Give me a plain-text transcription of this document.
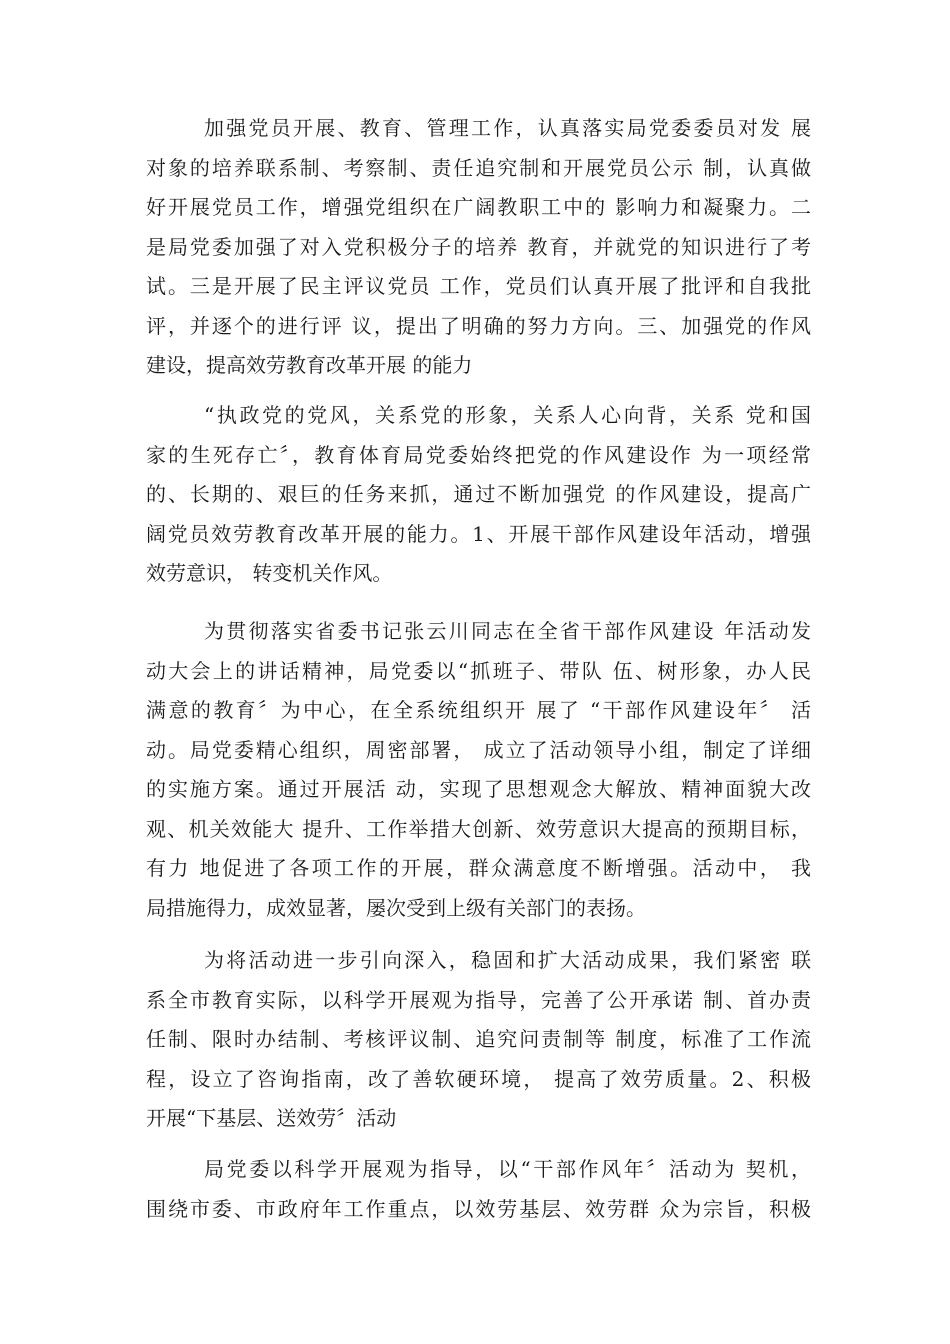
加强党员开展、教育、管理工作，认真落实局党委委员对发 展
对象的培养联系制、考察制、责任追究制和开展党员公示 制，认真做
好开展党员工作，增强党组织在广阔教职工中的 影响力和凝聚力。二
是局党委加强了对入党积极分子的培养 教育，并就党的知识进行了考
试。三是开展了民主评议党员 工作，党员们认真开展了批评和自我批
评，并逐个的进行评 议，提出了明确的努力方向。三、加强党的作风
建设，提高效劳教育改革开展 的能力
“执政党的党风，关系党的形象，关系人心向背，关系 党和国
家的生死存亡〞，教育体育局党委始终把党的作风建设作 为一项经常
的、长期的、艰巨的任务来抓，通过不断加强党 的作风建设，提高广
阔党员效劳教育改革开展的能力。1、开展干部作风建设年活动，增强
效劳意识， 转变机关作风。
为贯彻落实省委书记张云川同志在全省干部作风建设 年活动发
动大会上的讲话精神，局党委以“抓班子、带队 伍、树形象，办人民
满意的教育〞为中心，在全系统组织开 展了 “干部作风建设年〞 活
动。局党委精心组织，周密部署， 成立了活动领导小组，制定了详细
的实施方案。通过开展活 动，实现了思想观念大解放、精神面貌大改
观、机关效能大 提升、工作举措大创新、效劳意识大提高的预期目标，
有力 地促进了各项工作的开展，群众满意度不断增强。活动中， 我
局措施得力，成效显著，屡次受到上级有关部门的表扬。
为将活动进一步引向深入，稳固和扩大活动成果，我们紧密 联
系全市教育实际，以科学开展观为指导，完善了公开承诺 制、首办责
任制、限时办结制、考核评议制、追究问责制等 制度，标准了工作流
程，设立了咨询指南，改了善软硬环境， 提高了效劳质量。2、积极
开展“下基层、送效劳〞活动
局党委以科学开展观为指导，以“干部作风年〞活动为 契机，
围绕市委、市政府年工作重点，以效劳基层、效劳群 众为宗旨，积极
